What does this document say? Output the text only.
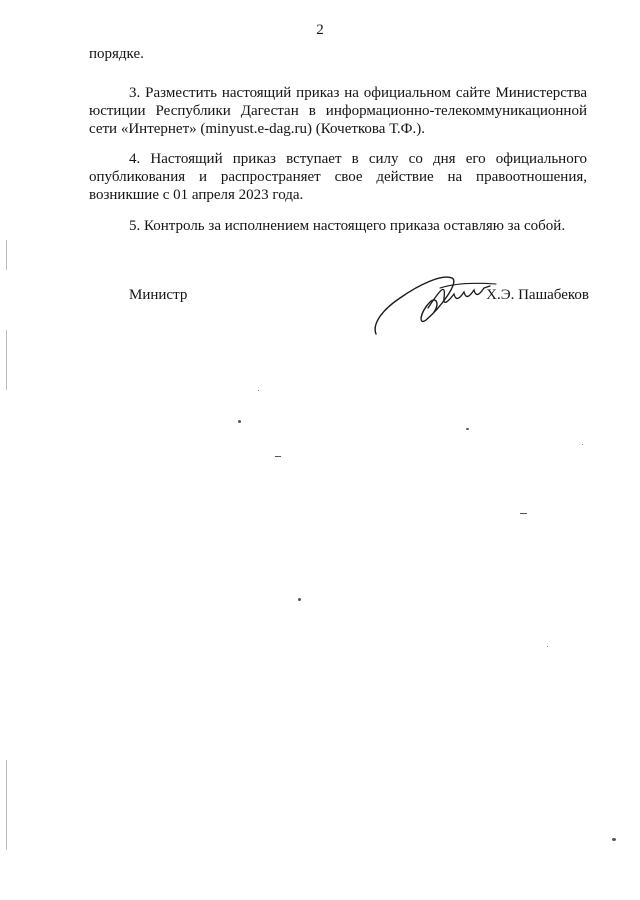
2
порядке.
3. Разместить настоящий приказ на официальном сайте Министерства юстиции Республики Дагестан в информационно-телекоммуникационной сети «Интернет» (minyust.e-dag.ru) (Кочеткова Т.Ф.).
4. Настоящий приказ вступает в силу со дня его официального опубликования и распространяет свое действие на правоотношения, возникшие с 01 апреля 2023 года.
5. Контроль за исполнением настоящего приказа оставляю за собой.
Министр	Х.Э. Пашабеков
